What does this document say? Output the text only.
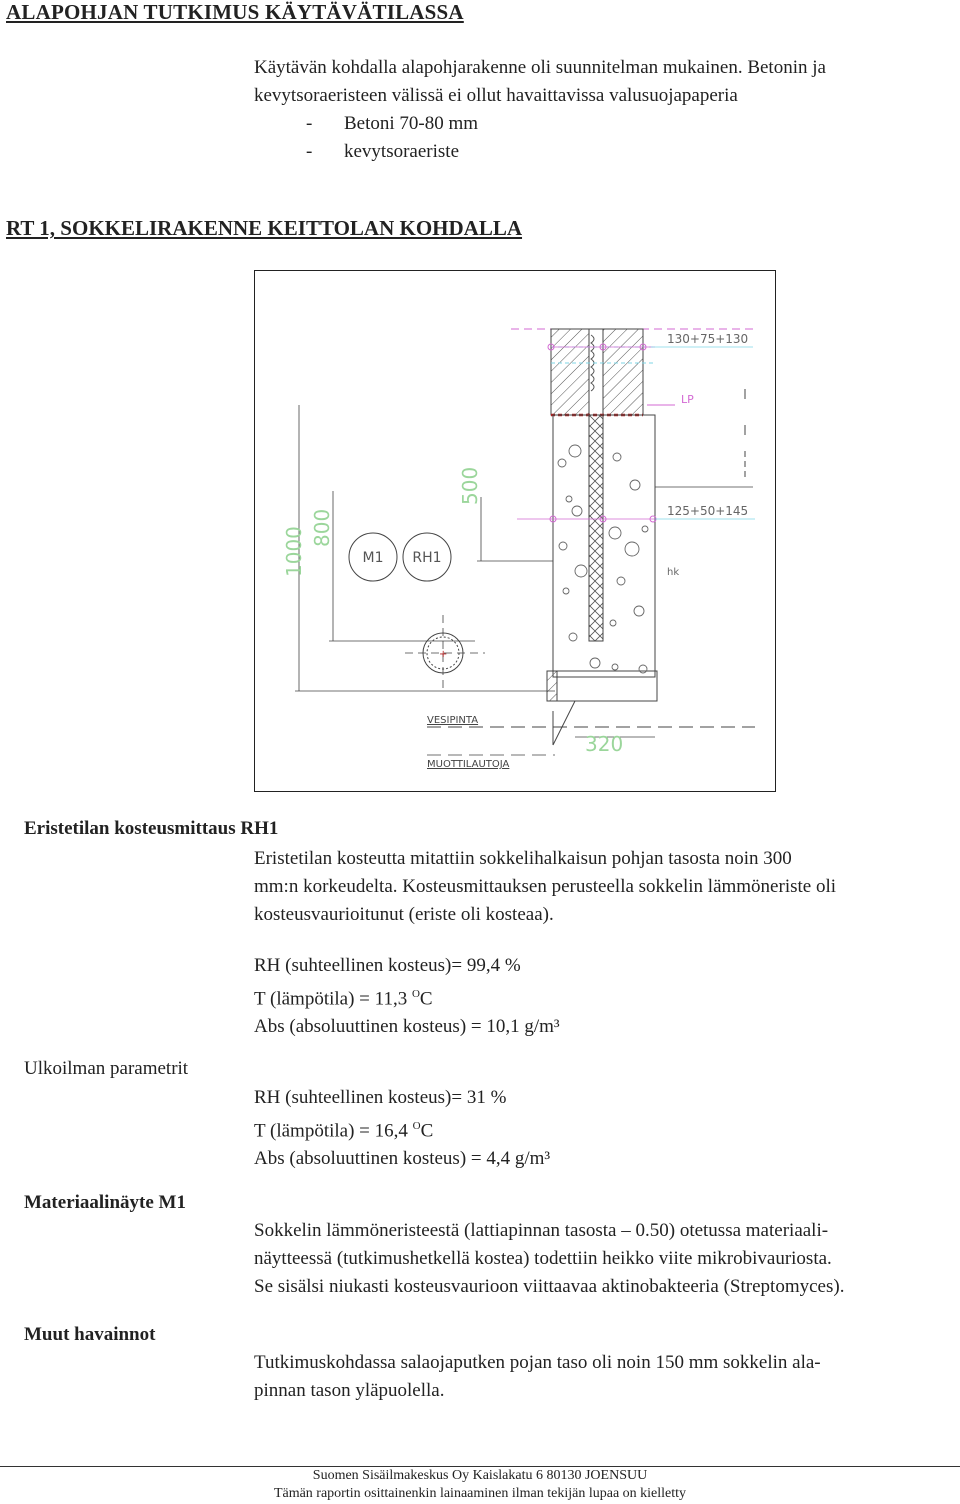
ALAPOHJAN TUTKIMUS KÄYTÄVÄTILASSA
Käytävän kohdalla alapohjarakenne oli suunnitelman mukainen. Betonin ja
kevytsoraeristeen välissä ei ollut havaittavissa valusuojapaperia
- Betoni 70-80 mm
- kevytsoraeriste
RT 1, SOKKELIRAKENNE KEITTOLAN KOHDALLA
130+75+130
LP
125+50+145
hk
1000 800
500
M1 RH1
+
VESIPINTA
320
MUOTTILAUTOJA
Eristetilan kosteusmittaus RH1
Eristetilan kosteutta mitattiin sokkelihalkaisun pohjan tasosta noin 300
mm:n korkeudelta. Kosteusmittauksen perusteella sokkelin lämmöneriste oli
kosteusvaurioitunut (eriste oli kosteaa).
RH (suhteellinen kosteus)= 99,4 %
T (lämpötila) = 11,3 $^O$C
Abs (absoluuttinen kosteus) = 10,1 g/m³
Ulkoilman parametrit
RH (suhteellinen kosteus)= 31 %
T (lämpötila) = 16,4 $^O$C
Abs (absoluuttinen kosteus) = 4,4 g/m³
Materiaalinäyte M1
Sokkelin lämmöneristeestä (lattiapinnan tasosta – 0.50) otetussa materiaali-
näytteessä (tutkimushetkellä kostea) todettiin heikko viite mikrobivauriosta.
Se sisälsi niukasti kosteusvaurioon viittaavaa aktinobakteeria (Streptomyces).
Muut havainnot
Tutkimuskohdassa salaojaputken pojan taso oli noin 150 mm sokkelin ala-
pinnan tason yläpuolella.
Suomen Sisäilmakeskus Oy Kaislakatu 6 80130 JOENSUU
Tämän raportin osittainenkin lainaaminen ilman tekijän lupaa on kielletty
